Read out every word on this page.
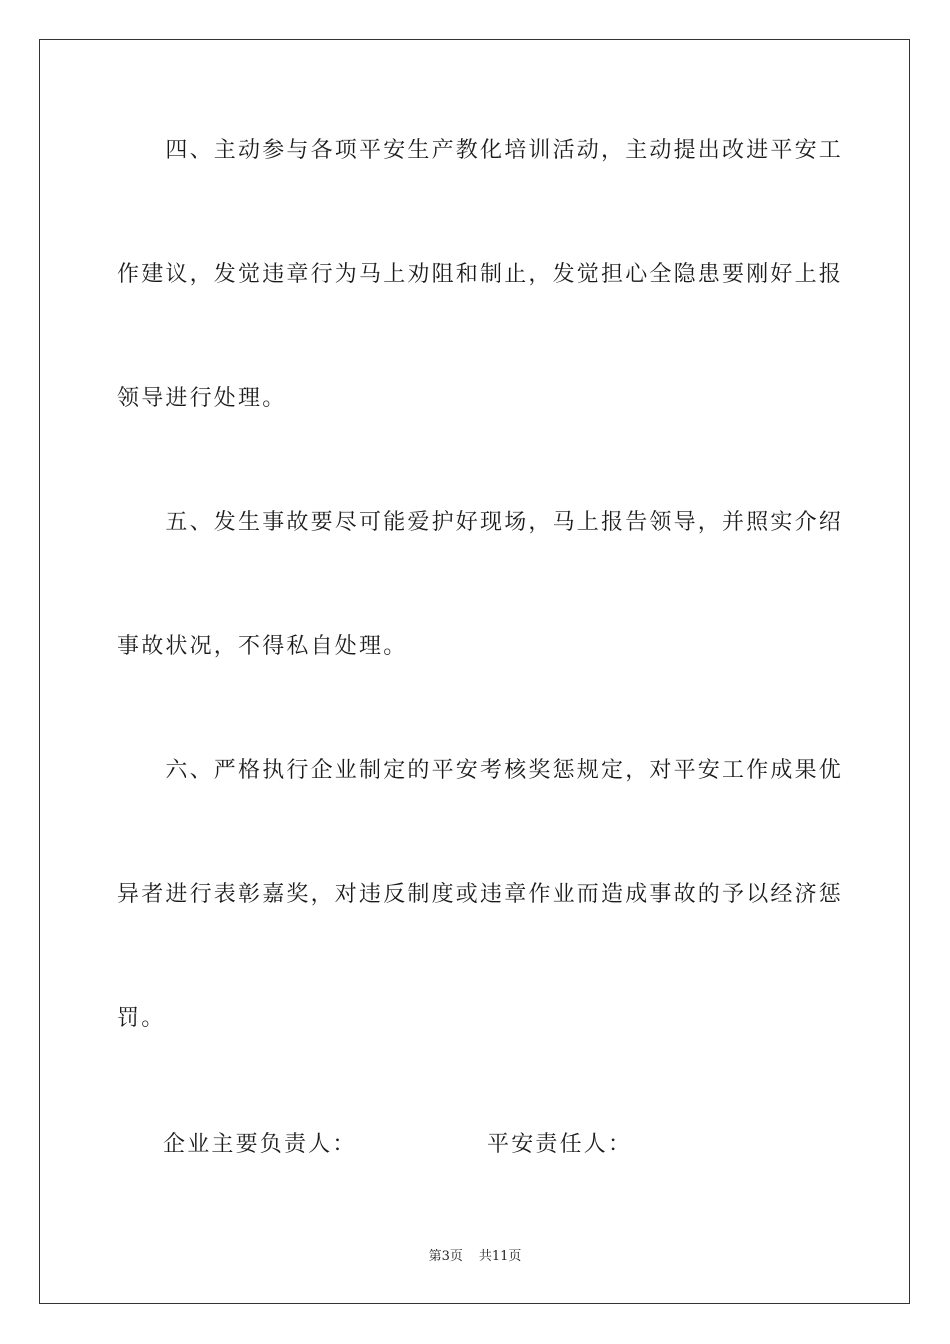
　　四、主动参与各项平安生产教化培训活动，主动提出改进平安工
作建议，发觉违章行为马上劝阻和制止，发觉担心全隐患要刚好上报
领导进行处理。
　　五、发生事故要尽可能爱护好现场，马上报告领导，并照实介绍
事故状况，不得私自处理。
　　六、严格执行企业制定的平安考核奖惩规定，对平安工作成果优
异者进行表彰嘉奖，对违反制度或违章作业而造成事故的予以经济惩
罚。
企业主要负责人：	平安责任人：
第3页 共11页
